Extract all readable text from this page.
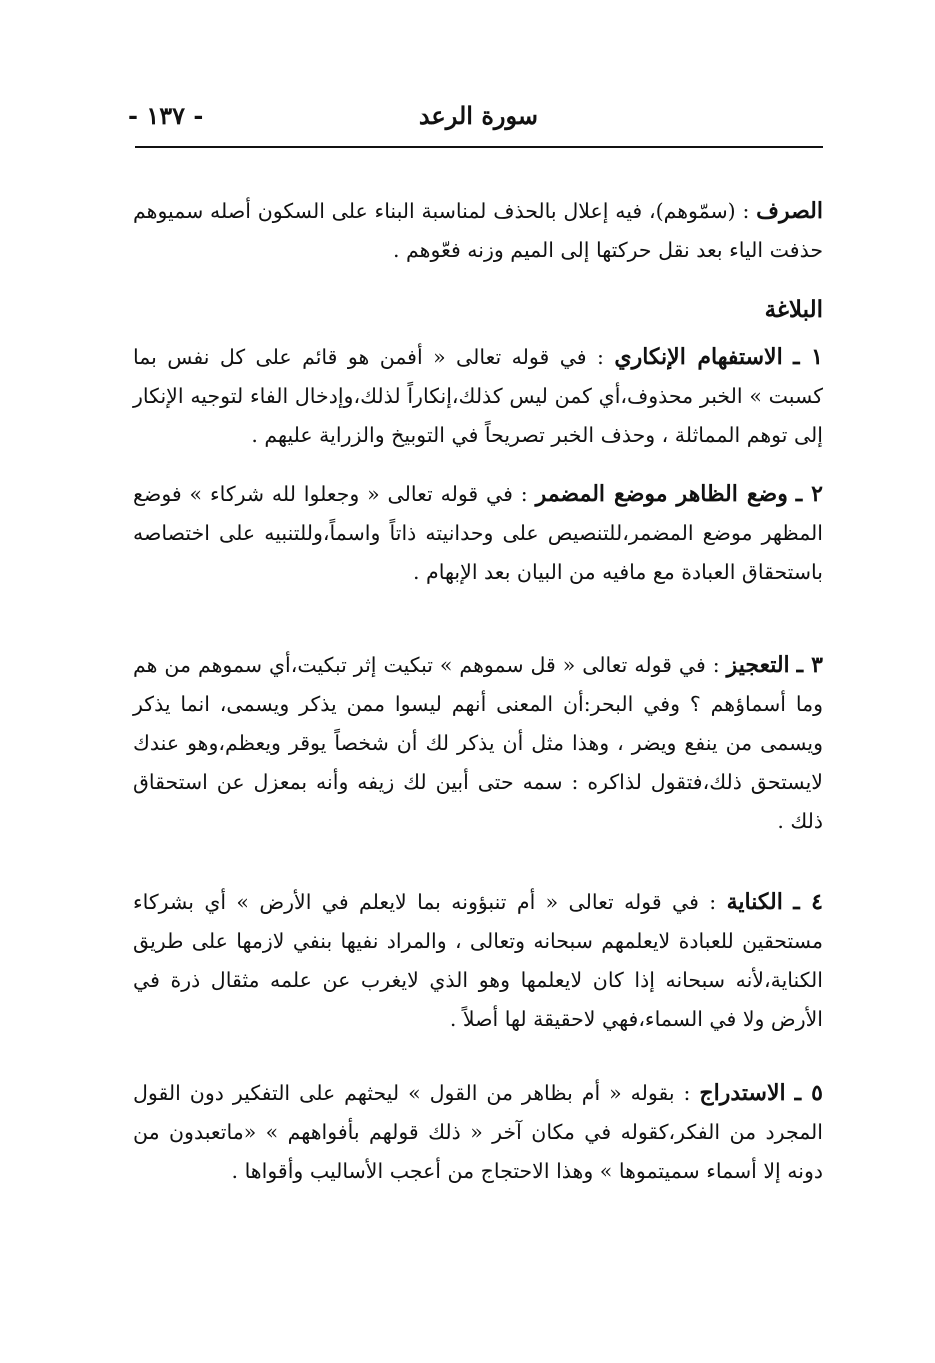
سورة الرعد
- ١٣٧ -
الصرف : (سمّوهم)، فيه إعلال بالحذف لمناسبة البناء على السكون أصله سميوهم حذفت الياء بعد نقل حركتها إلى الميم وزنه فعّوهم .
البلاغة
١ ـ الاستفهام الإنكاري : في قوله تعالى « أفمن هو قائم على كل نفس بما كسبت » الخبر محذوف،أي كمن ليس كذلك،إنكاراً لذلك،وإدخال الفاء لتوجيه الإنكار إلى توهم المماثلة ، وحذف الخبر تصريحاً في التوبيخ والزراية عليهم .
٢ ـ وضع الظاهر موضع المضمر : في قوله تعالى « وجعلوا لله شركاء » فوضع المظهر موضع المضمر،للتنصيص على وحدانيته ذاتاً واسماً،وللتنبيه على اختصاصه باستحقاق العبادة مع مافيه من البيان بعد الإبهام .
٣ ـ التعجيز : في قوله تعالى « قل سموهم » تبكيت إثر تبكيت،أي سموهم من هم وما أسماؤهم ؟ وفي البحر:أن المعنى أنهم ليسوا ممن يذكر ويسمى، انما يذكر ويسمى من ينفع ويضر ، وهذا مثل أن يذكر لك أن شخصاً يوقر ويعظم،وهو عندك لايستحق ذلك،فتقول لذاكره : سمه حتى أبين لك زيفه وأنه بمعزل عن استحقاق ذلك .
٤ ـ الكناية : في قوله تعالى « أم تنبؤونه بما لايعلم في الأرض » أي بشركاء مستحقين للعبادة لايعلمهم سبحانه وتعالى ، والمراد نفيها بنفي لازمها على طريق الكناية،لأنه سبحانه إذا كان لايعلمها وهو الذي لايغرب عن علمه مثقال ذرة في الأرض ولا في السماء،فهي لاحقيقة لها أصلاً .
٥ ـ الاستدراج : بقوله « أم بظاهر من القول » ليحثهم على التفكير دون القول المجرد من الفكر،كقوله في مكان آخر « ذلك قولهم بأفواههم » «ماتعبدون من دونه إلا أسماء سميتموها » وهذا الاحتجاج من أعجب الأساليب وأقواها .
